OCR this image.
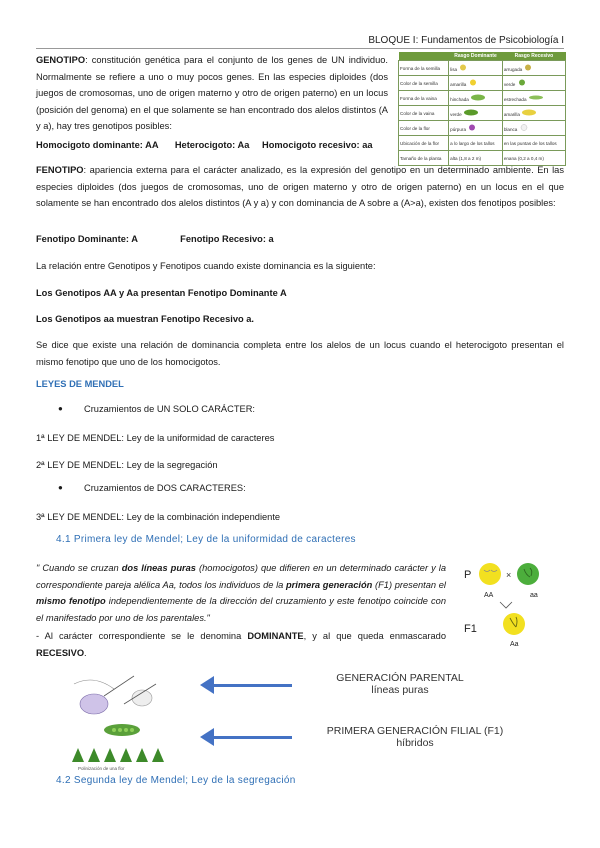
BLOQUE I: Fundamentos de Psicobiología I
GENOTIPO: constitución genética para el conjunto de los genes de UN individuo. Normalmente se refiere a uno o muy pocos genes. En las especies diploides (dos juegos de cromosomas, uno de origen materno y otro de origen paterno) en un locus (posición del genoma) en el que solamente se han encontrado dos alelos distintos (A y a), hay tres genotipos posibles:
	Rasgo Dominante	Rasgo Recesivo
Forma de la semilla	lisa	arrugada
Color de la semilla	amarilla	verde
Forma de la vaina	hinchada	estrechada
Color de la vaina	verde	amarilla
Color de la flor	púrpura	blanca
Ubicación de la flor	a lo largo de los tallos	en las puntas de los tallos
Tamaño de la planta	alta (1,8 a 2 m)	enana (0,2 a 0,4 m)
Homocigoto dominante: AA Heterocigoto: Aa Homocigoto recesivo: aa
FENOTIPO: apariencia externa para el carácter analizado, es la expresión del genotipo en un determinado ambiente. En las especies diploides (dos juegos de cromosomas, uno de origen materno y otro de origen paterno) en un locus en el que solamente se han encontrado dos alelos distintos (A y a) y con dominancia de A sobre a (A>a), existen dos fenotipos posibles:
Fenotipo Dominante: A	Fenotipo Recesivo: a
La relación entre Genotipos y Fenotipos cuando existe dominancia es la siguiente:
Los Genotipos AA y Aa presentan Fenotipo Dominante A
Los Genotipos aa muestran Fenotipo Recesivo a.
Se dice que existe una relación de dominancia completa entre los alelos de un locus cuando el heterocigoto presentan el mismo fenotipo que uno de los homocigotos.
LEYES DE MENDEL
● Cruzamientos de UN SOLO CARÁCTER:
1ª LEY DE MENDEL: Ley de la uniformidad de caracteres
2ª LEY DE MENDEL: Ley de la segregación
● Cruzamientos de DOS CARACTERES:
3ª LEY DE MENDEL: Ley de la combinación independiente
4.1 Primera ley de Mendel; Ley de la uniformidad de caracteres
" Cuando se cruzan dos líneas puras (homocigotos) que difieren en un determinado carácter y la correspondiente pareja alélica Aa, todos los individuos de la primera generación (F1) presentan el mismo fenotipo independientemente de la dirección del cruzamiento y este fenotipo coincide con el manifestado por uno de los parentales."
- Al carácter correspondiente se le denomina DOMINANTE, y al que queda enmascarado RECESIVO.
P	×
AA	aa
F1
Aa
Polinización de una flor
GENERACIÓN PARENTAL
líneas puras
PRIMERA GENERACIÓN FILIAL (F1)
híbridos
4.2 Segunda ley de Mendel; Ley de la segregación
